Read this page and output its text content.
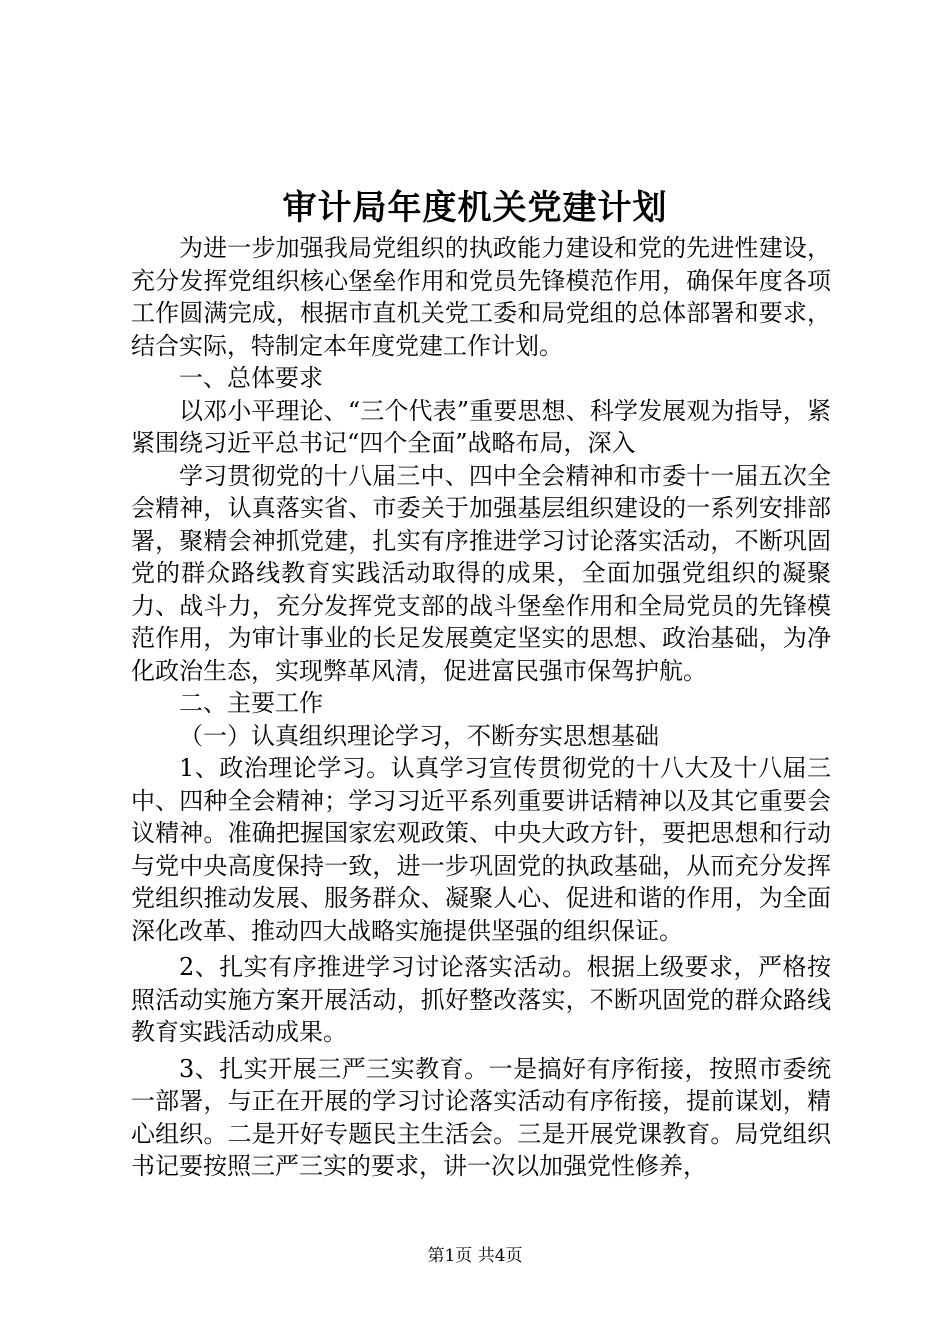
审计局年度机关党建计划

为进一步加强我局党组织的执政能力建设和党的先进性建设，充分发挥党组织核心堡垒作用和党员先锋模范作用，确保年度各项工作圆满完成，根据市直机关党工委和局党组的总体部署和要求，结合实际，特制定本年度党建工作计划。

一、总体要求

以邓小平理论、“三个代表”重要思想、科学发展观为指导，紧紧围绕习近平总书记“四个全面”战略布局，深入

学习贯彻党的十八届三中、四中全会精神和市委十一届五次全会精神，认真落实省、市委关于加强基层组织建设的一系列安排部署，聚精会神抓党建，扎实有序推进学习讨论落实活动，不断巩固党的群众路线教育实践活动取得的成果，全面加强党组织的凝聚力、战斗力，充分发挥党支部的战斗堡垒作用和全局党员的先锋模范作用，为审计事业的长足发展奠定坚实的思想、政治基础，为净化政治生态，实现弊革风清，促进富民强市保驾护航。

二、主要工作

（一）认真组织理论学习，不断夯实思想基础

1、政治理论学习。认真学习宣传贯彻党的十八大及十八届三中、四种全会精神；学习习近平系列重要讲话精神以及其它重要会议精神。准确把握国家宏观政策、中央大政方针，要把思想和行动与党中央高度保持一致，进一步巩固党的执政基础，从而充分发挥党组织推动发展、服务群众、凝聚人心、促进和谐的作用，为全面深化改革、推动四大战略实施提供坚强的组织保证。

2、扎实有序推进学习讨论落实活动。根据上级要求，严格按照活动实施方案开展活动，抓好整改落实，不断巩固党的群众路线教育实践活动成果。

3、扎实开展三严三实教育。一是搞好有序衔接，按照市委统一部署，与正在开展的学习讨论落实活动有序衔接，提前谋划，精心组织。二是开好专题民主生活会。三是开展党课教育。局党组织书记要按照三严三实的要求，讲一次以加强党性修养，

第1页 共4页
